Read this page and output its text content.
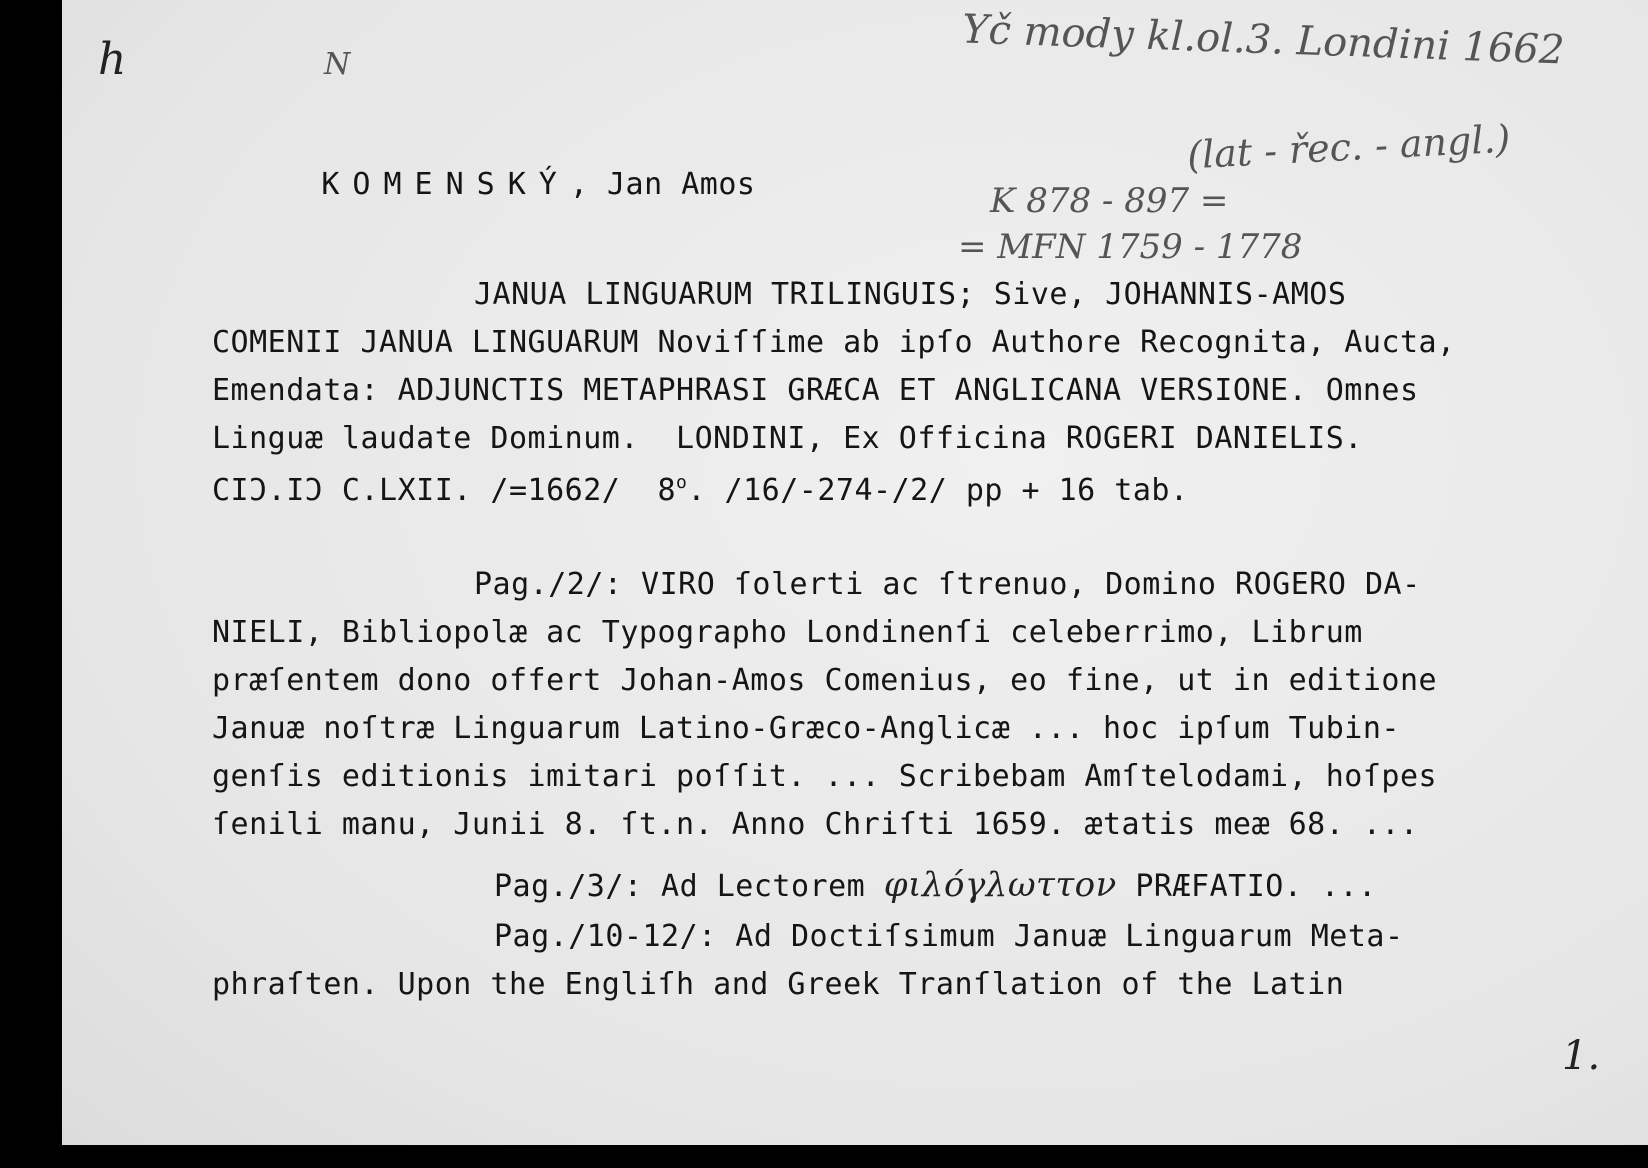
h	N	Yč mody kl.ol.3. Londini 1662
(lat - řec. - angl.)
K 878 - 897 =
= MFN 1759 - 1778
1.

KOMENSKÝ, Jan Amos

JANUA LINGUARUM TRILINGUIS; Sive, JOHANNIS-AMOS
COMENII JANUA LINGUARUM Noviſſime ab ipſo Authore Recognita, Aucta,
Emendata: ADJUNCTIS METAPHRASI GRÆCA ET ANGLICANA VERSIONE. Omnes
Linguæ laudate Dominum.  LONDINI, Ex Officina ROGERI DANIELIS.
CIƆ.IƆ C.LXII. /=1662/  8$^o$. /16/-274-/2/ pp + 16 tab.
Pag./2/: VIRO ſolerti ac ſtrenuo, Domino ROGERO DA-
NIELI, Bibliopolæ ac Typographo Londinenſi celeberrimo, Librum
præſentem dono offert Johan-Amos Comenius, eo fine, ut in editione
Januæ noſtræ Linguarum Latino-Græco-Anglicæ ... hoc ipſum Tubin-
genſis editionis imitari poſſit. ... Scribebam Amſtelodami, hoſpes
ſenili manu, Junii 8. ſt.n. Anno Chriſti 1659. ætatis meæ 68. ...
Pag./3/: Ad Lectorem φιλόγλωττον PRÆFATIO. ...
Pag./10-12/: Ad Doctiſsimum Januæ Linguarum Meta-
phraſten. Upon the Engliſh and Greek Tranſlation of the Latin
